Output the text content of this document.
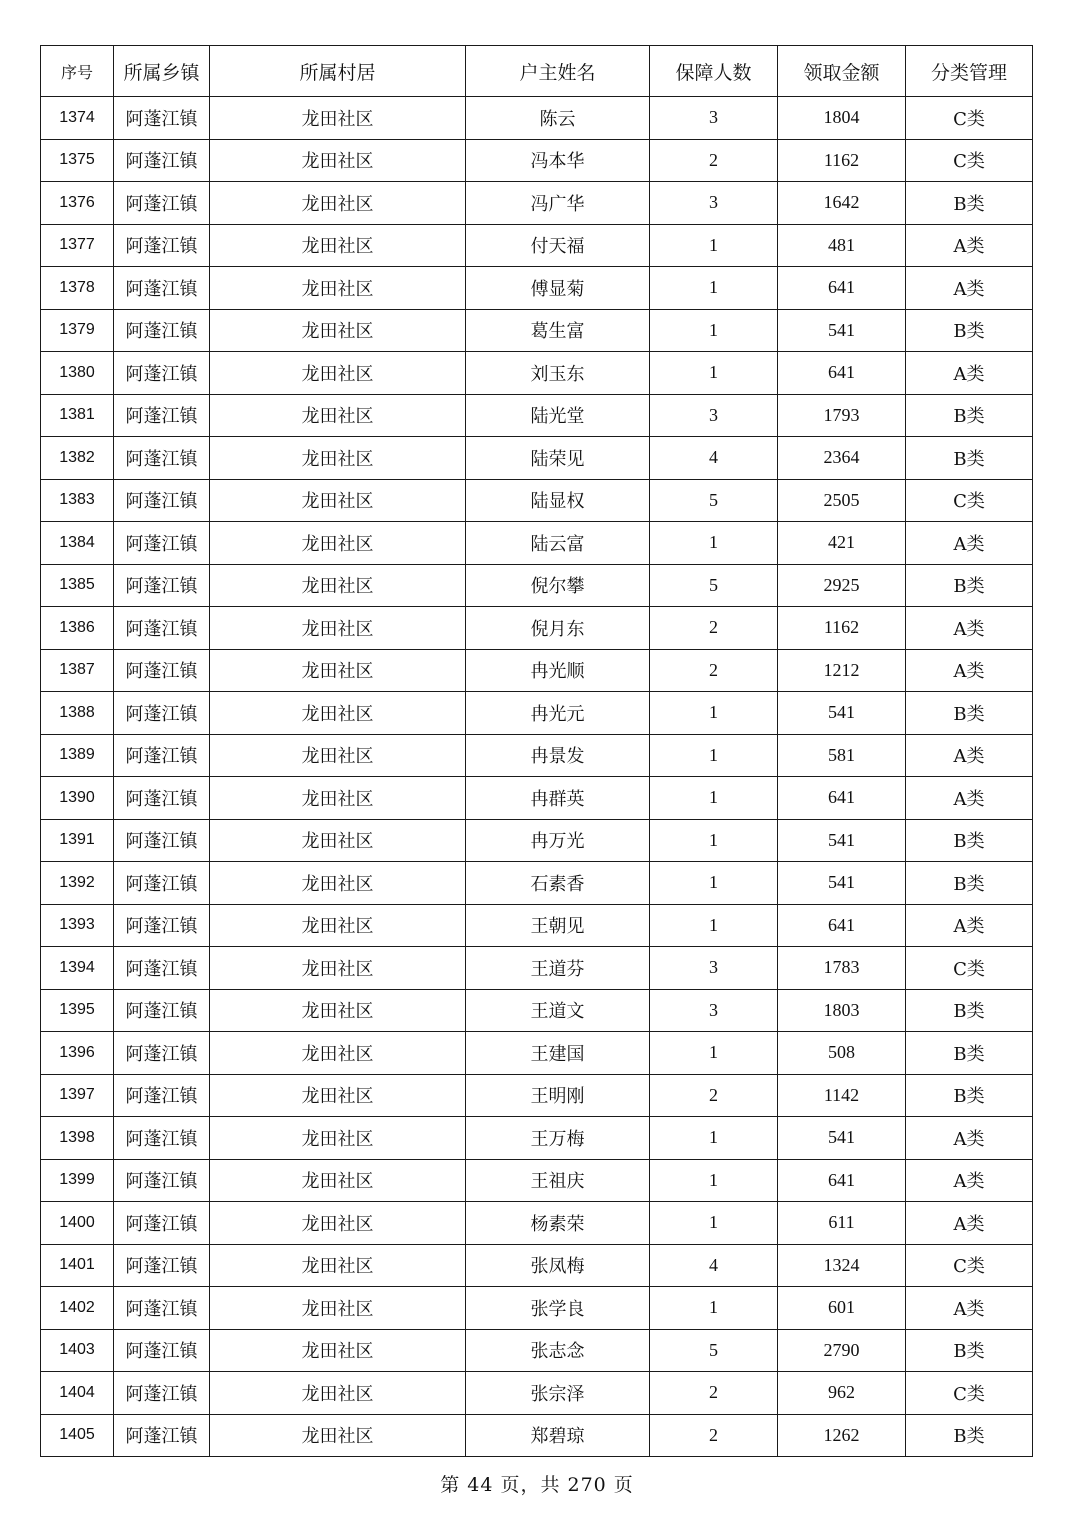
序号	所属乡镇	所属村居	户主姓名	保障人数	领取金额	分类管理
1374	阿蓬江镇	龙田社区	陈云	3	1804	C类
1375	阿蓬江镇	龙田社区	冯本华	2	1162	C类
1376	阿蓬江镇	龙田社区	冯广华	3	1642	B类
1377	阿蓬江镇	龙田社区	付天福	1	481	A类
1378	阿蓬江镇	龙田社区	傅显菊	1	641	A类
1379	阿蓬江镇	龙田社区	葛生富	1	541	B类
1380	阿蓬江镇	龙田社区	刘玉东	1	641	A类
1381	阿蓬江镇	龙田社区	陆光堂	3	1793	B类
1382	阿蓬江镇	龙田社区	陆荣见	4	2364	B类
1383	阿蓬江镇	龙田社区	陆显权	5	2505	C类
1384	阿蓬江镇	龙田社区	陆云富	1	421	A类
1385	阿蓬江镇	龙田社区	倪尔攀	5	2925	B类
1386	阿蓬江镇	龙田社区	倪月东	2	1162	A类
1387	阿蓬江镇	龙田社区	冉光顺	2	1212	A类
1388	阿蓬江镇	龙田社区	冉光元	1	541	B类
1389	阿蓬江镇	龙田社区	冉景发	1	581	A类
1390	阿蓬江镇	龙田社区	冉群英	1	641	A类
1391	阿蓬江镇	龙田社区	冉万光	1	541	B类
1392	阿蓬江镇	龙田社区	石素香	1	541	B类
1393	阿蓬江镇	龙田社区	王朝见	1	641	A类
1394	阿蓬江镇	龙田社区	王道芬	3	1783	C类
1395	阿蓬江镇	龙田社区	王道文	3	1803	B类
1396	阿蓬江镇	龙田社区	王建国	1	508	B类
1397	阿蓬江镇	龙田社区	王明刚	2	1142	B类
1398	阿蓬江镇	龙田社区	王万梅	1	541	A类
1399	阿蓬江镇	龙田社区	王祖庆	1	641	A类
1400	阿蓬江镇	龙田社区	杨素荣	1	611	A类
1401	阿蓬江镇	龙田社区	张凤梅	4	1324	C类
1402	阿蓬江镇	龙田社区	张学良	1	601	A类
1403	阿蓬江镇	龙田社区	张志念	5	2790	B类
1404	阿蓬江镇	龙田社区	张宗泽	2	962	C类
1405	阿蓬江镇	龙田社区	郑碧琼	2	1262	B类
第 44 页，共 270 页
